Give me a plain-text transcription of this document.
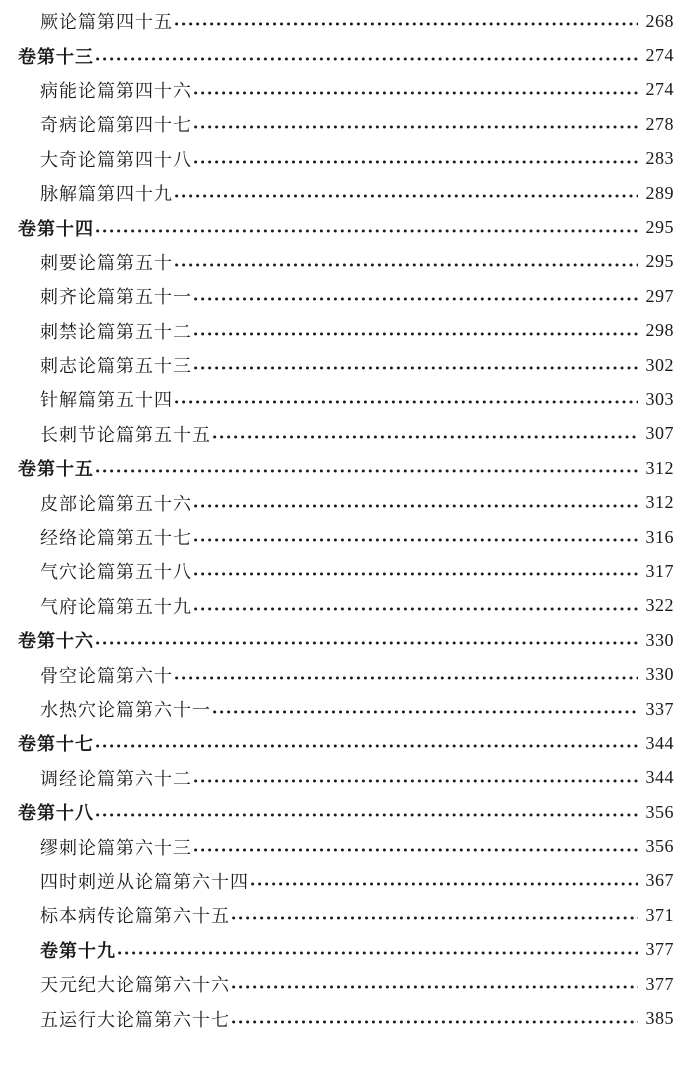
厥论篇第四十五 ●●●●●●●●●●●●●●●●●●●●●●●●●●●●●●●●●●●●●●●●●●●●●●●●●●●●●●●●●●●●●●●●●●●●●●●●●●●●●●●●●●●●●●●●●●●●●●●●●●●●●●●●●●●●●●●	268
卷第十三 ●●●●●●●●●●●●●●●●●●●●●●●●●●●●●●●●●●●●●●●●●●●●●●●●●●●●●●●●●●●●●●●●●●●●●●●●●●●●●●●●●●●●●●●●●●●●●●●●●●●●●●●●●●●●●●●	274
病能论篇第四十六 ●●●●●●●●●●●●●●●●●●●●●●●●●●●●●●●●●●●●●●●●●●●●●●●●●●●●●●●●●●●●●●●●●●●●●●●●●●●●●●●●●●●●●●●●●●●●●●●●●●●●●●●●●●●●●●●	274
奇病论篇第四十七 ●●●●●●●●●●●●●●●●●●●●●●●●●●●●●●●●●●●●●●●●●●●●●●●●●●●●●●●●●●●●●●●●●●●●●●●●●●●●●●●●●●●●●●●●●●●●●●●●●●●●●●●●●●●●●●●	278
大奇论篇第四十八 ●●●●●●●●●●●●●●●●●●●●●●●●●●●●●●●●●●●●●●●●●●●●●●●●●●●●●●●●●●●●●●●●●●●●●●●●●●●●●●●●●●●●●●●●●●●●●●●●●●●●●●●●●●●●●●●	283
脉解篇第四十九 ●●●●●●●●●●●●●●●●●●●●●●●●●●●●●●●●●●●●●●●●●●●●●●●●●●●●●●●●●●●●●●●●●●●●●●●●●●●●●●●●●●●●●●●●●●●●●●●●●●●●●●●●●●●●●●●	289
卷第十四 ●●●●●●●●●●●●●●●●●●●●●●●●●●●●●●●●●●●●●●●●●●●●●●●●●●●●●●●●●●●●●●●●●●●●●●●●●●●●●●●●●●●●●●●●●●●●●●●●●●●●●●●●●●●●●●●	295
刺要论篇第五十 ●●●●●●●●●●●●●●●●●●●●●●●●●●●●●●●●●●●●●●●●●●●●●●●●●●●●●●●●●●●●●●●●●●●●●●●●●●●●●●●●●●●●●●●●●●●●●●●●●●●●●●●●●●●●●●●	295
刺齐论篇第五十一 ●●●●●●●●●●●●●●●●●●●●●●●●●●●●●●●●●●●●●●●●●●●●●●●●●●●●●●●●●●●●●●●●●●●●●●●●●●●●●●●●●●●●●●●●●●●●●●●●●●●●●●●●●●●●●●●	297
刺禁论篇第五十二 ●●●●●●●●●●●●●●●●●●●●●●●●●●●●●●●●●●●●●●●●●●●●●●●●●●●●●●●●●●●●●●●●●●●●●●●●●●●●●●●●●●●●●●●●●●●●●●●●●●●●●●●●●●●●●●●	298
刺志论篇第五十三 ●●●●●●●●●●●●●●●●●●●●●●●●●●●●●●●●●●●●●●●●●●●●●●●●●●●●●●●●●●●●●●●●●●●●●●●●●●●●●●●●●●●●●●●●●●●●●●●●●●●●●●●●●●●●●●●	302
针解篇第五十四 ●●●●●●●●●●●●●●●●●●●●●●●●●●●●●●●●●●●●●●●●●●●●●●●●●●●●●●●●●●●●●●●●●●●●●●●●●●●●●●●●●●●●●●●●●●●●●●●●●●●●●●●●●●●●●●●	303
长刺节论篇第五十五 ●●●●●●●●●●●●●●●●●●●●●●●●●●●●●●●●●●●●●●●●●●●●●●●●●●●●●●●●●●●●●●●●●●●●●●●●●●●●●●●●●●●●●●●●●●●●●●●●●●●●●●●●●●●●●●●	307
卷第十五 ●●●●●●●●●●●●●●●●●●●●●●●●●●●●●●●●●●●●●●●●●●●●●●●●●●●●●●●●●●●●●●●●●●●●●●●●●●●●●●●●●●●●●●●●●●●●●●●●●●●●●●●●●●●●●●●	312
皮部论篇第五十六 ●●●●●●●●●●●●●●●●●●●●●●●●●●●●●●●●●●●●●●●●●●●●●●●●●●●●●●●●●●●●●●●●●●●●●●●●●●●●●●●●●●●●●●●●●●●●●●●●●●●●●●●●●●●●●●●	312
经络论篇第五十七 ●●●●●●●●●●●●●●●●●●●●●●●●●●●●●●●●●●●●●●●●●●●●●●●●●●●●●●●●●●●●●●●●●●●●●●●●●●●●●●●●●●●●●●●●●●●●●●●●●●●●●●●●●●●●●●●	316
气穴论篇第五十八 ●●●●●●●●●●●●●●●●●●●●●●●●●●●●●●●●●●●●●●●●●●●●●●●●●●●●●●●●●●●●●●●●●●●●●●●●●●●●●●●●●●●●●●●●●●●●●●●●●●●●●●●●●●●●●●●	317
气府论篇第五十九 ●●●●●●●●●●●●●●●●●●●●●●●●●●●●●●●●●●●●●●●●●●●●●●●●●●●●●●●●●●●●●●●●●●●●●●●●●●●●●●●●●●●●●●●●●●●●●●●●●●●●●●●●●●●●●●●	322
卷第十六 ●●●●●●●●●●●●●●●●●●●●●●●●●●●●●●●●●●●●●●●●●●●●●●●●●●●●●●●●●●●●●●●●●●●●●●●●●●●●●●●●●●●●●●●●●●●●●●●●●●●●●●●●●●●●●●●	330
骨空论篇第六十 ●●●●●●●●●●●●●●●●●●●●●●●●●●●●●●●●●●●●●●●●●●●●●●●●●●●●●●●●●●●●●●●●●●●●●●●●●●●●●●●●●●●●●●●●●●●●●●●●●●●●●●●●●●●●●●●	330
水热穴论篇第六十一 ●●●●●●●●●●●●●●●●●●●●●●●●●●●●●●●●●●●●●●●●●●●●●●●●●●●●●●●●●●●●●●●●●●●●●●●●●●●●●●●●●●●●●●●●●●●●●●●●●●●●●●●●●●●●●●●	337
卷第十七 ●●●●●●●●●●●●●●●●●●●●●●●●●●●●●●●●●●●●●●●●●●●●●●●●●●●●●●●●●●●●●●●●●●●●●●●●●●●●●●●●●●●●●●●●●●●●●●●●●●●●●●●●●●●●●●●	344
调经论篇第六十二 ●●●●●●●●●●●●●●●●●●●●●●●●●●●●●●●●●●●●●●●●●●●●●●●●●●●●●●●●●●●●●●●●●●●●●●●●●●●●●●●●●●●●●●●●●●●●●●●●●●●●●●●●●●●●●●●	344
卷第十八 ●●●●●●●●●●●●●●●●●●●●●●●●●●●●●●●●●●●●●●●●●●●●●●●●●●●●●●●●●●●●●●●●●●●●●●●●●●●●●●●●●●●●●●●●●●●●●●●●●●●●●●●●●●●●●●●	356
缪刺论篇第六十三 ●●●●●●●●●●●●●●●●●●●●●●●●●●●●●●●●●●●●●●●●●●●●●●●●●●●●●●●●●●●●●●●●●●●●●●●●●●●●●●●●●●●●●●●●●●●●●●●●●●●●●●●●●●●●●●●	356
四时刺逆从论篇第六十四 ●●●●●●●●●●●●●●●●●●●●●●●●●●●●●●●●●●●●●●●●●●●●●●●●●●●●●●●●●●●●●●●●●●●●●●●●●●●●●●●●●●●●●●●●●●●●●●●●●●●●●●●●●●●●●●●	367
标本病传论篇第六十五 ●●●●●●●●●●●●●●●●●●●●●●●●●●●●●●●●●●●●●●●●●●●●●●●●●●●●●●●●●●●●●●●●●●●●●●●●●●●●●●●●●●●●●●●●●●●●●●●●●●●●●●●●●●●●●●●	371
卷第十九 ●●●●●●●●●●●●●●●●●●●●●●●●●●●●●●●●●●●●●●●●●●●●●●●●●●●●●●●●●●●●●●●●●●●●●●●●●●●●●●●●●●●●●●●●●●●●●●●●●●●●●●●●●●●●●●●	377
天元纪大论篇第六十六 ●●●●●●●●●●●●●●●●●●●●●●●●●●●●●●●●●●●●●●●●●●●●●●●●●●●●●●●●●●●●●●●●●●●●●●●●●●●●●●●●●●●●●●●●●●●●●●●●●●●●●●●●●●●●●●●	377
五运行大论篇第六十七 ●●●●●●●●●●●●●●●●●●●●●●●●●●●●●●●●●●●●●●●●●●●●●●●●●●●●●●●●●●●●●●●●●●●●●●●●●●●●●●●●●●●●●●●●●●●●●●●●●●●●●●●●●●●●●●●	385
